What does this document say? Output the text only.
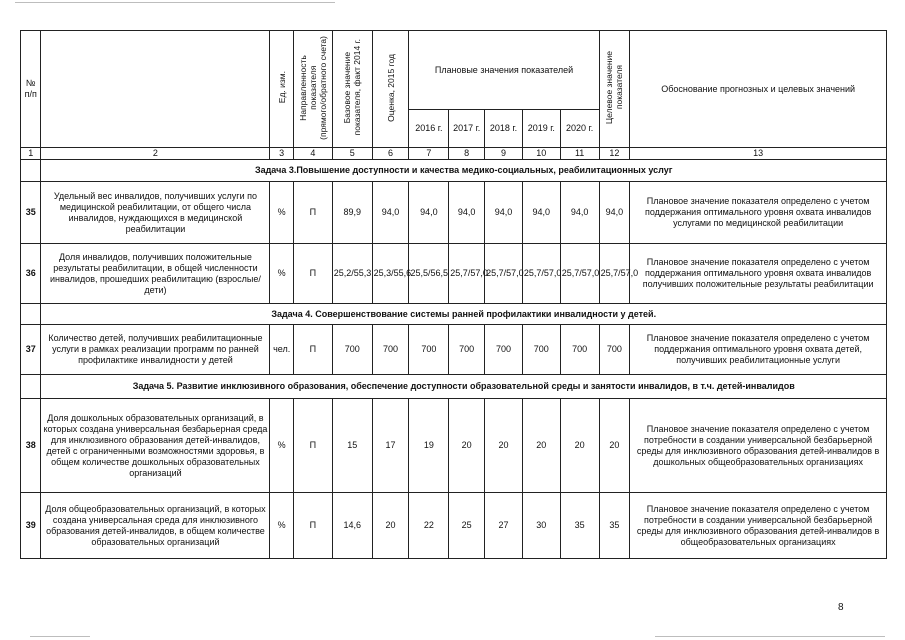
№
п/п		Ед. изм.	Направленность
показателя
(прямого/обратного счета)	Базовое значение
показателя, факт 2014 г.	Оценка, 2015 год	Плановые значения показателей					Целевое значение
показателя	Обоснование прогнозных и целевых значений
						2016 г.	2017 г.	2018 г.	2019 г.	2020 г.		
1	2	3	4	5	6	7	8	9	10	11	12	13
	Задача 3.Повышение доступности и качества медико-социальных, реабилитационных услуг											
35	Удельный вес инвалидов, получивших услуги по медицинской реабилитации, от общего числа инвалидов, нуждающихся в медицинской реабилитации	%	П	89,9	94,0	94,0	94,0	94,0	94,0	94,0	94,0	Плановое значение показателя определено с учетом поддержания оптимального уровня охвата инвалидов услугами по медицинской реабилитации
36	Доля инвалидов, получивших положительные результаты реабилитации, в общей численности инвалидов, прошедших реабилитацию (взрослые/дети)	%	П	25,2/55,3	25,3/55,6	25,5/56,5	25,7/57,0	25,7/57,0	25,7/57,0	25,7/57,0	25,7/57,0	Плановое значение показателя определено с учетом поддержания оптимального уровня охвата инвалидов получивших положительные результаты реабилитации
	Задача 4. Совершенствование системы ранней профилактики инвалидности у детей.											
37	Количество детей, получивших реабилитационные услуги в рамках реализации программ по ранней профилактике инвалидности у детей	чел.	П	700	700	700	700	700	700	700	700	Плановое значение показателя определено с учетом поддержания оптимального уровня охвата детей, получивших реабилитационные услуги
	Задача 5. Развитие инклюзивного образования, обеспечение доступности образовательной среды и занятости инвалидов, в т.ч. детей-инвалидов											
38	Доля дошкольных образовательных организаций, в которых создана универсальная безбарьерная среда для инклюзивного образования детей-инвалидов, детей с ограниченными возможностями здоровья, в общем количестве дошкольных образовательных организаций	%	П	15	17	19	20	20	20	20	20	Плановое значение показателя определено с учетом потребности в создании универсальной безбарьерной среды для инклюзивного образования детей-инвалидов в дошкольных общеобразовательных организациях
39	Доля общеобразовательных организаций, в которых создана универсальная среда для инклюзивного образования детей-инвалидов, в общем количестве образовательных организаций	%	П	14,6	20	22	25	27	30	35	35	Плановое значение показателя определено с учетом потребности в создании универсальной безбарьерной среды для инклюзивного образования детей-инвалидов в общеобразовательных организациях
8
